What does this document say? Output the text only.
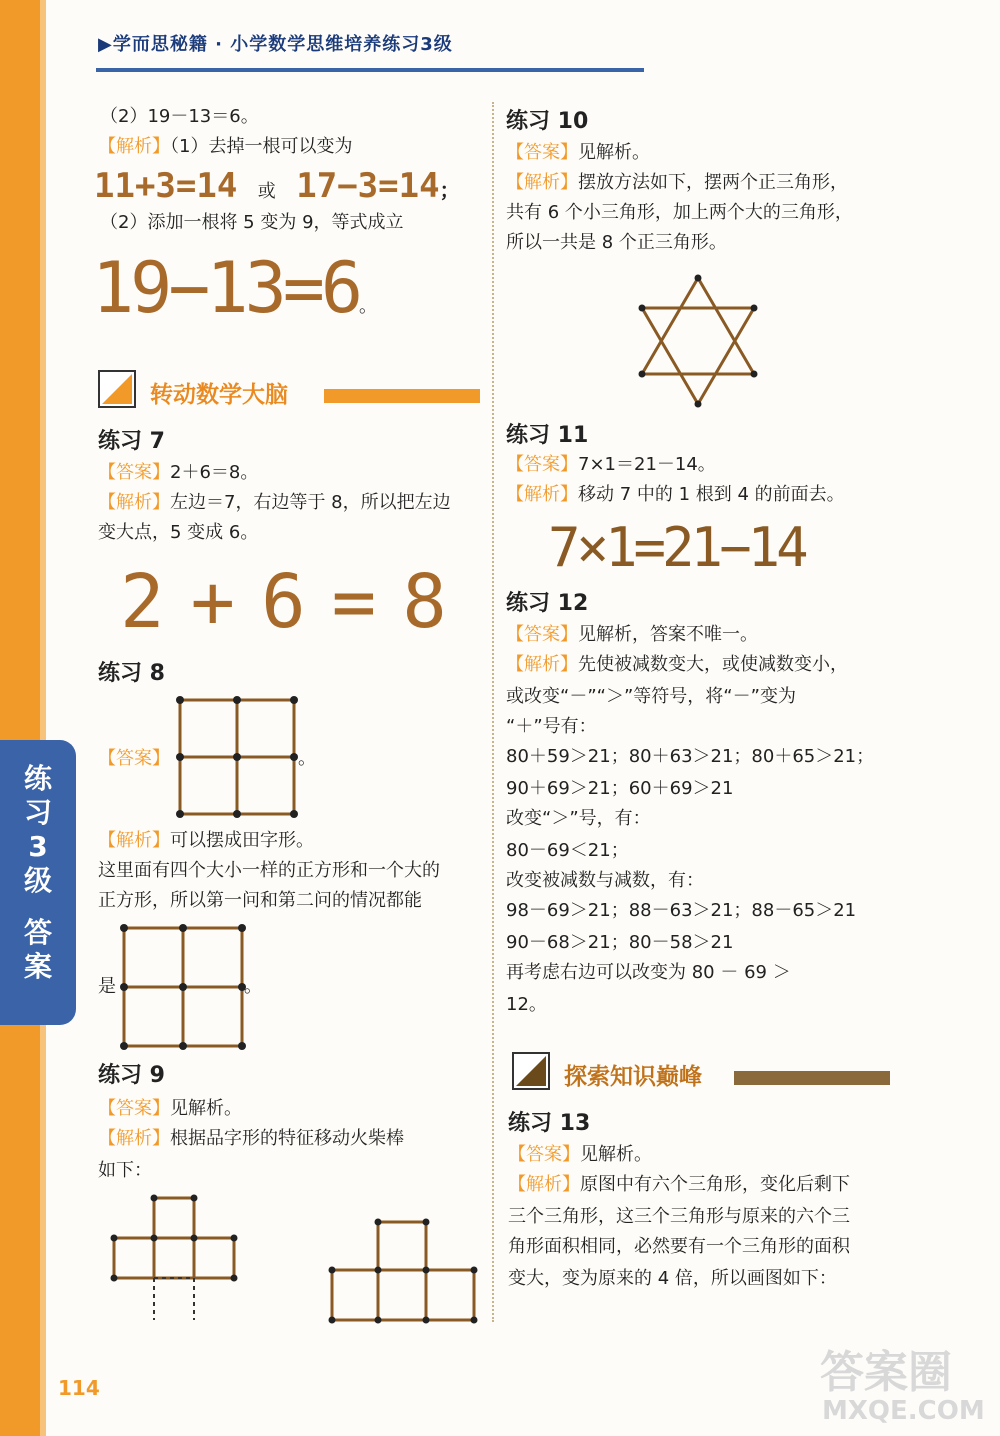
练
习
3
级
答
案
▶学而思秘籍 · 小学数学思维培养练习3级
（2）19－13＝6。
【解析】（1）去掉一根可以变为
11+3=14 或 17−3=14；
（2）添加一根将 5 变为 9，等式成立
19−13=6。
转动数学大脑
练习 7
【答案】2＋6＝8。
【解析】左边＝7，右边等于 8，所以把左边
变大点，5 变成 6。
2+6=8
练习 8
【答案】	。
【解析】可以摆成田字形。
这里面有四个大小一样的正方形和一个大的
正方形，所以第一问和第二问的情况都能
是	。
练习 9
【答案】见解析。
【解析】根据品字形的特征移动火柴棒
如下：
练习 10
【答案】见解析。
【解析】摆放方法如下，摆两个正三角形，
共有 6 个小三角形，加上两个大的三角形，
所以一共是 8 个正三角形。
练习 11
【答案】7×1＝21－14。
【解析】移动 7 中的 1 根到 4 的前面去。
7×1=21−14
练习 12
【答案】见解析，答案不唯一。
【解析】先使被减数变大，或使减数变小，
或改变“－”“＞”等符号，将“－”变为
“＋”号有：
80＋59＞21；80＋63＞21；80＋65＞21；
90＋69＞21；60＋69＞21
改变“＞”号，有：
80－69＜21；
改变被减数与减数，有：
98－69＞21；88－63＞21；88－65＞21
90－68＞21；80－58＞21
再考虑右边可以改变为 80 － 69 ＞
12。
探索知识巅峰
练习 13
【答案】见解析。
【解析】原图中有六个三角形，变化后剩下
三个三角形，这三个三角形与原来的六个三
角形面积相同，必然要有一个三角形的面积
变大，变为原来的 4 倍，所以画图如下：
114	答案圈
MXQE.COM
